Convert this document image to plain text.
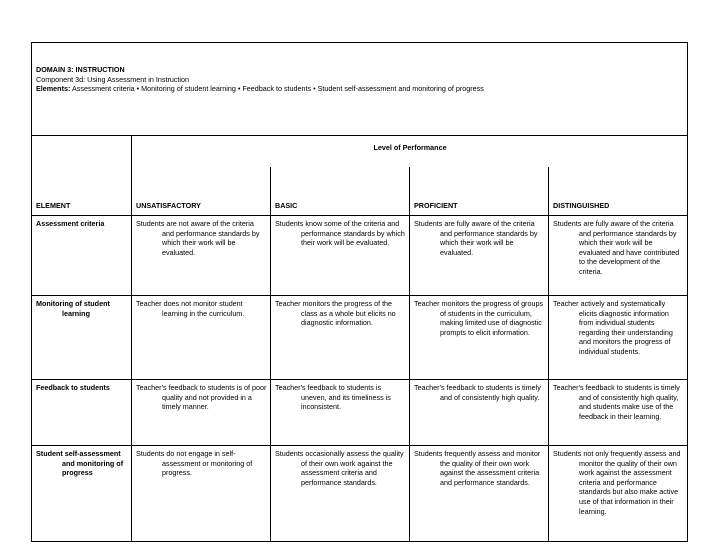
DOMAIN 3: INSTRUCTION
Component 3d: Using Assessment in Instruction
Elements: Assessment criteria • Monitoring of student learning • Feedback to students • Student self-assessment and monitoring of progress				

	Level of Performance			

ELEMENT	UNSATISFACTORY	BASIC	PROFICIENT	DISTINGUISHED
Assessment criteria	Students are not aware of the criteria and performance standards by which their work will be evaluated.	Students know some of the criteria and performance standards by which their work will be evaluated.	Students are fully aware of the criteria and performance standards by which their work will be evaluated.	Students are fully aware of the criteria and performance standards by which their work will be evaluated and have contributed to the development of the criteria.
Monitoring of student learning	Teacher does not monitor student learning in the curriculum.	Teacher monitors the progress of the class as a whole but elicits no diagnostic information.	Teacher monitors the progress of groups of students in the curriculum, making limited use of diagnostic prompts to elicit information.	Teacher actively and systematically elicits diagnostic information from individual students regarding their understanding and monitors the progress of individual students.
Feedback to students	Teacher's feedback to students is of poor quality and not provided in a timely manner.	Teacher's feedback to students is uneven, and its timeliness is inconsistent.	Teacher's feedback to students is timely and of consistently high quality.	Teacher's feedback to students is timely and of consistently high quality, and students make use of the feedback in their learning.
Student self-assessment and monitoring of progress	Students do not engage in self-assessment or monitoring of progress.	Students occasionally assess the quality of their own work against the assessment criteria and performance standards.	Students frequently assess and monitor the quality of their own work against the assessment criteria and performance standards.	Students not only frequently assess and monitor the quality of their own work against the assessment criteria and performance standards but also make active use of that information in their learning.
